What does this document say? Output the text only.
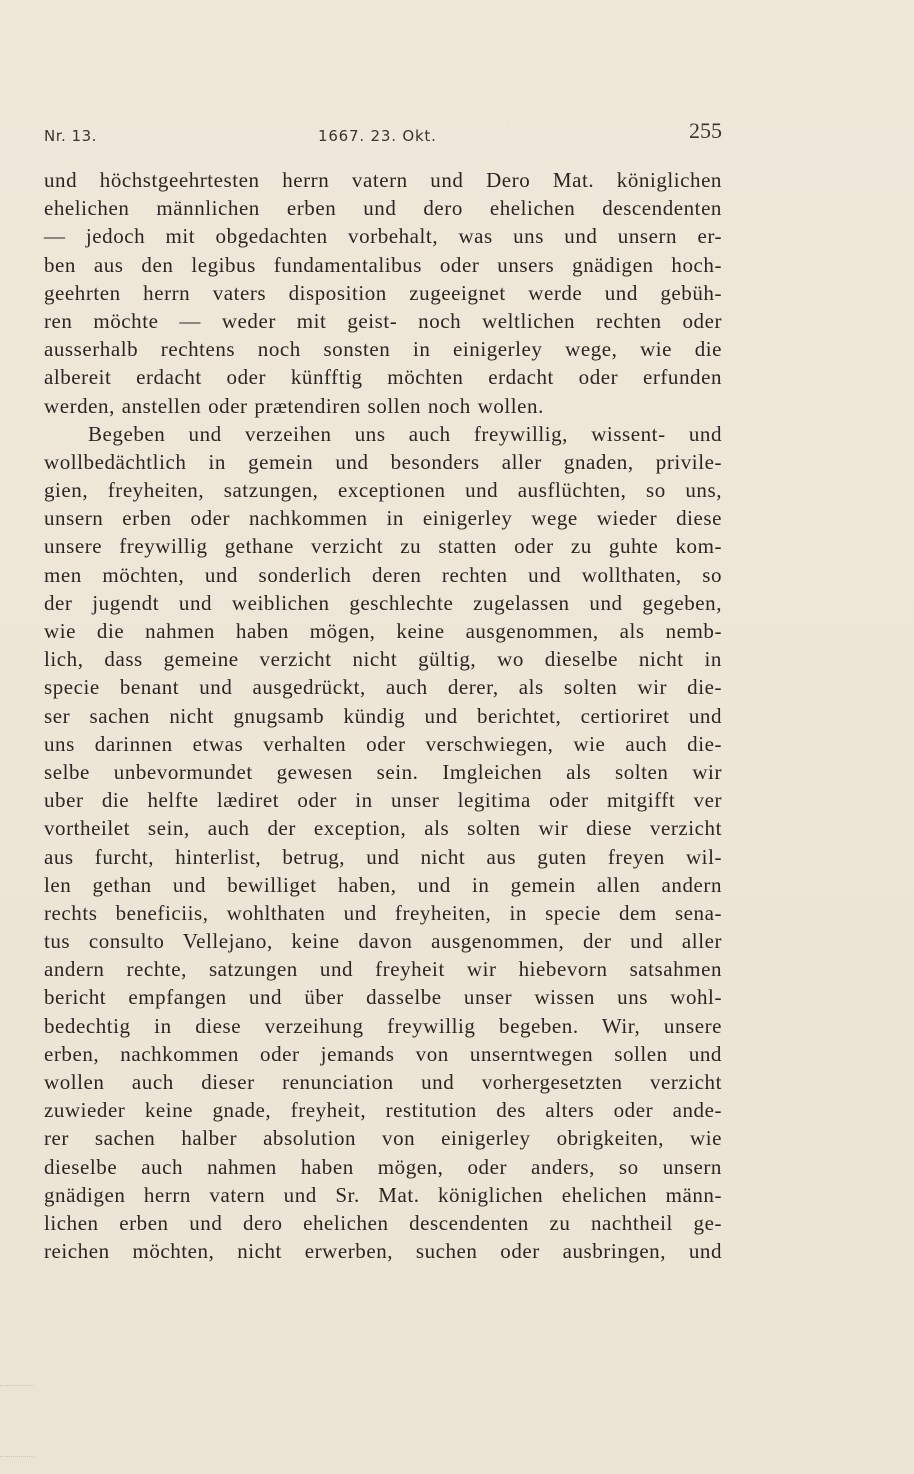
Nr. 13.	1667. 23. Okt.	255
und höchstgeehrtesten herrn vatern und Dero Mat. königlichen
ehelichen männlichen erben und dero ehelichen descendenten
— jedoch mit obgedachten vorbehalt, was uns und unsern er-
ben aus den legibus fundamentalibus oder unsers gnädigen hoch-
geehrten herrn vaters disposition zugeeignet werde und gebüh-
ren möchte — weder mit geist- noch weltlichen rechten oder
ausserhalb rechtens noch sonsten in einigerley wege, wie die
albereit erdacht oder künfftig möchten erdacht oder erfunden
werden, anstellen oder prætendiren sollen noch wollen.
Begeben und verzeihen uns auch freywillig, wissent- und
wollbedächtlich in gemein und besonders aller gnaden, privile-
gien, freyheiten, satzungen, exceptionen und ausflüchten, so uns,
unsern erben oder nachkommen in einigerley wege wieder diese
unsere freywillig gethane verzicht zu statten oder zu guhte kom-
men möchten, und sonderlich deren rechten und wollthaten, so
der jugendt und weiblichen geschlechte zugelassen und gegeben,
wie die nahmen haben mögen, keine ausgenommen, als nemb-
lich, dass gemeine verzicht nicht gültig, wo dieselbe nicht in
specie benant und ausgedrückt, auch derer, als solten wir die-
ser sachen nicht gnugsamb kündig und berichtet, certioriret und
uns darinnen etwas verhalten oder verschwiegen, wie auch die-
selbe unbevormundet gewesen sein. Imgleichen als solten wir
uber die helfte lædiret oder in unser legitima oder mitgifft ver
vortheilet sein, auch der exception, als solten wir diese verzicht
aus furcht, hinterlist, betrug, und nicht aus guten freyen wil-
len gethan und bewilliget haben, und in gemein allen andern
rechts beneficiis, wohlthaten und freyheiten, in specie dem sena-
tus consulto Vellejano, keine davon ausgenommen, der und aller
andern rechte, satzungen und freyheit wir hiebevorn satsahmen
bericht empfangen und über dasselbe unser wissen uns wohl-
bedechtig in diese verzeihung freywillig begeben. Wir, unsere
erben, nachkommen oder jemands von unserntwegen sollen und
wollen auch dieser renunciation und vorhergesetzten verzicht
zuwieder keine gnade, freyheit, restitution des alters oder ande-
rer sachen halber absolution von einigerley obrigkeiten, wie
dieselbe auch nahmen haben mögen, oder anders, so unsern
gnädigen herrn vatern und Sr. Mat. königlichen ehelichen männ-
lichen erben und dero ehelichen descendenten zu nachtheil ge-
reichen möchten, nicht erwerben, suchen oder ausbringen, und
